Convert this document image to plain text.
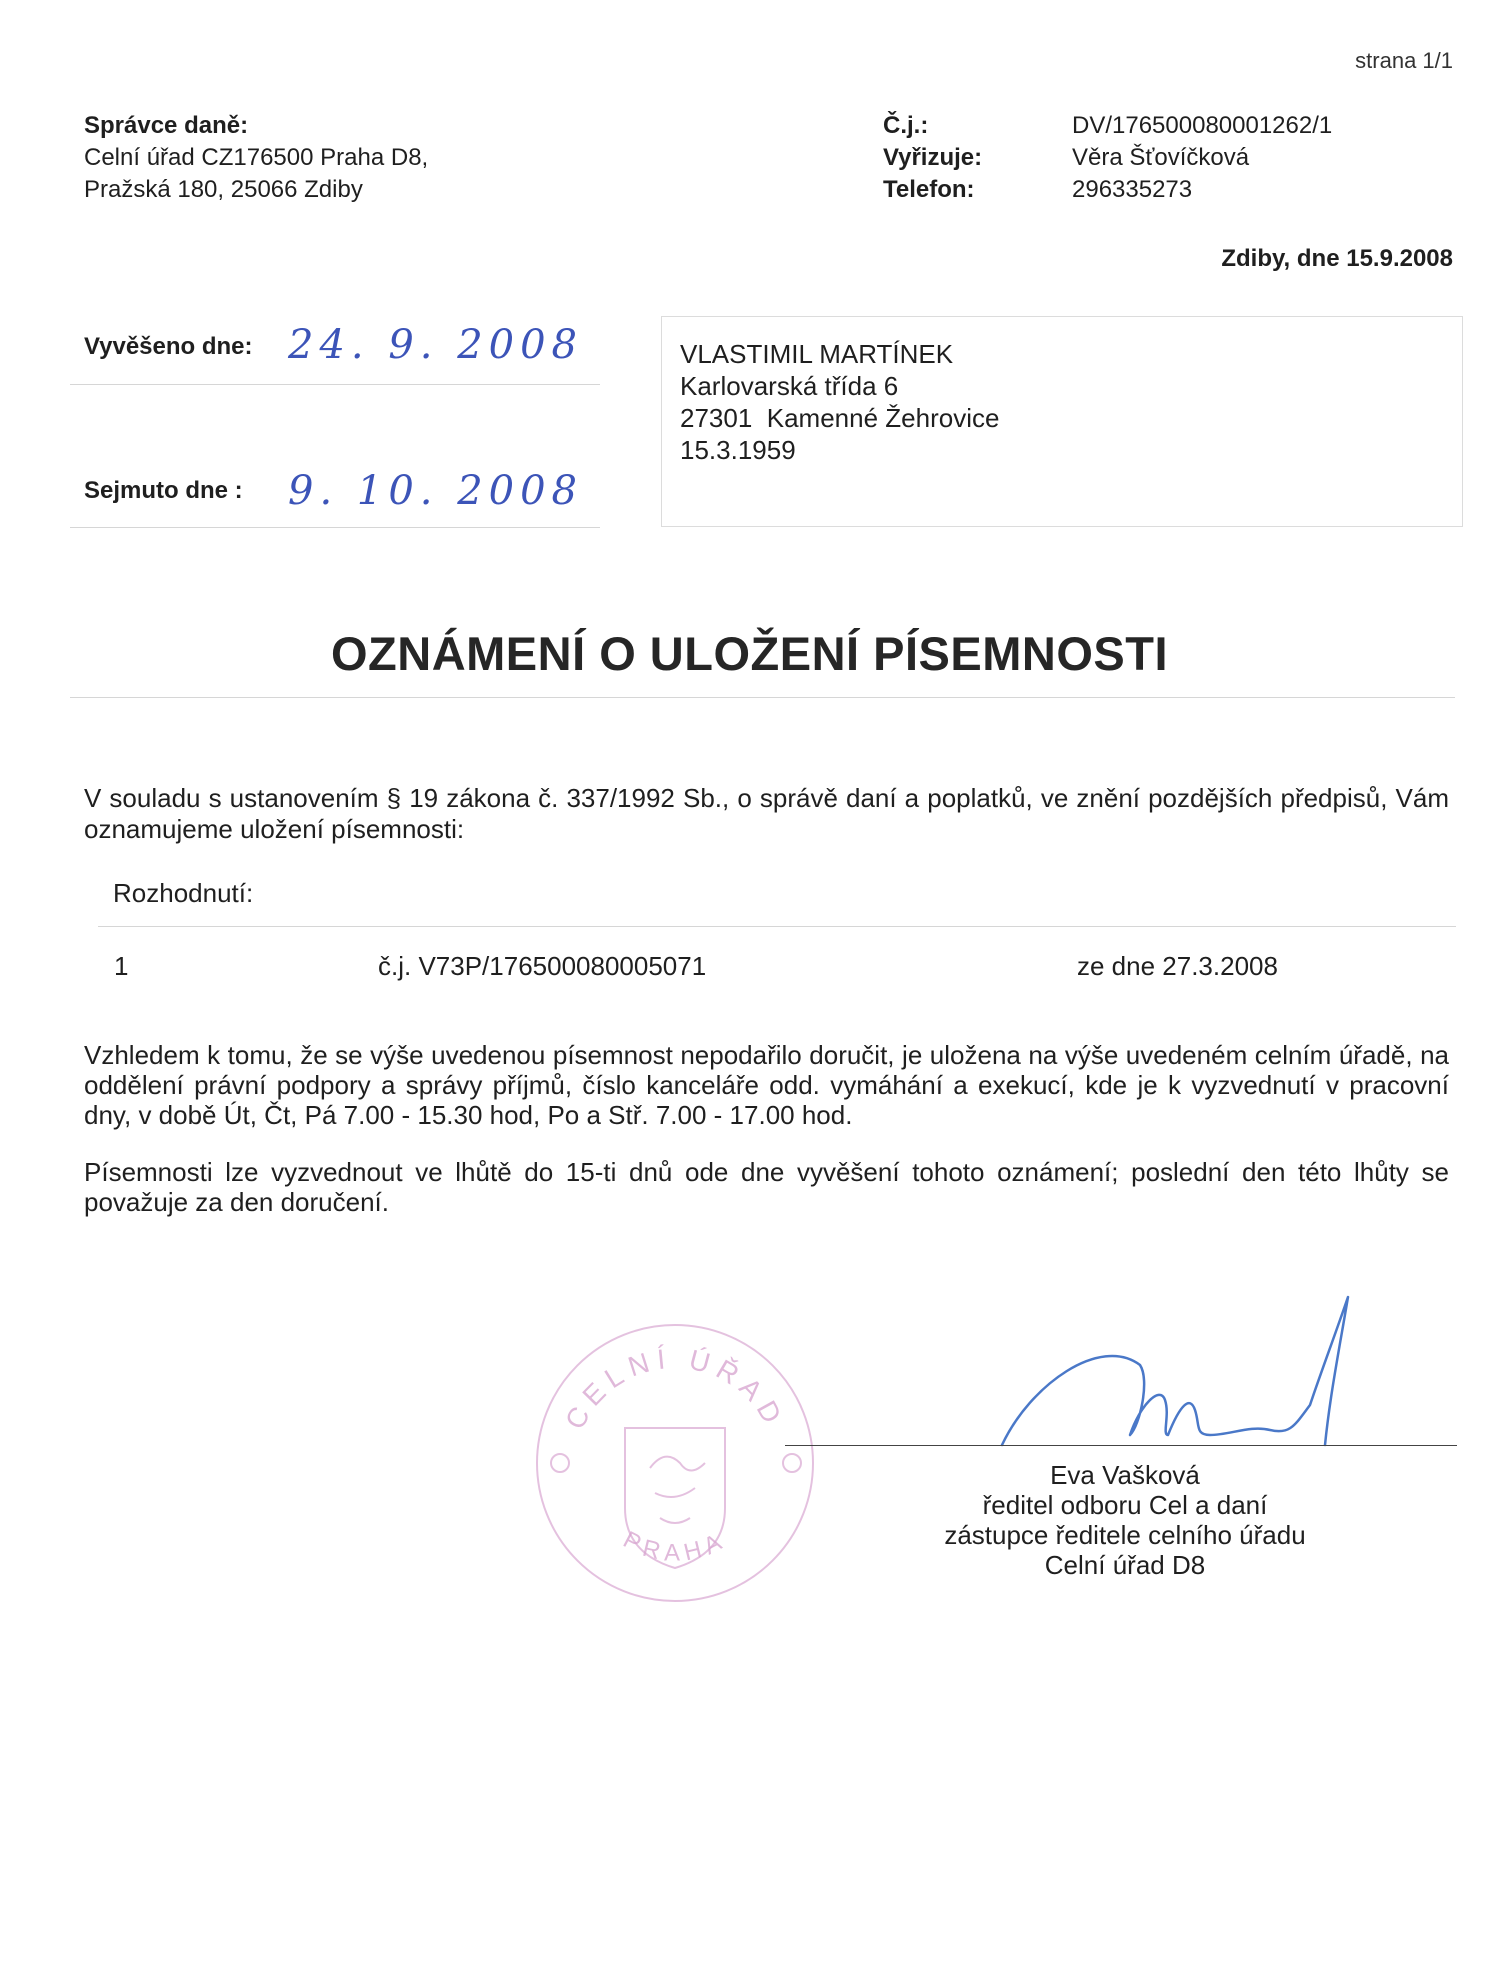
strana 1/1
Správce daně:
Celní úřad CZ176500 Praha D8,
Pražská 180, 25066 Zdiby
Č.j.:	DV/176500080001262/1
Vyřizuje:	Věra Šťovíčková
Telefon:	296335273
Zdiby, dne 15.9.2008
Vyvěšeno dne: 24. 9. 2008
Sejmuto dne : 9. 10. 2008
VLASTIMIL MARTÍNEK
Karlovarská třída 6
27301  Kamenné Žehrovice
15.3.1959
OZNÁMENÍ O ULOŽENÍ PÍSEMNOSTI
V souladu s ustanovením § 19 zákona č. 337/1992 Sb., o správě daní a poplatků, ve znění pozdějších předpisů, Vám oznamujeme uložení písemnosti:
Rozhodnutí:
1	č.j. V73P/176500080005071	ze dne 27.3.2008
Vzhledem k tomu, že se výše uvedenou písemnost nepodařilo doručit, je uložena na výše uvedeném celním úřadě, na oddělení právní podpory a správy příjmů, číslo kanceláře odd. vymáhání a exekucí, kde je k vyzvednutí v pracovní dny, v době Út, Čt, Pá 7.00 - 15.30 hod, Po a Stř. 7.00 - 17.00 hod.
Písemnosti lze vyzvednout ve lhůtě do 15-ti dnů ode dne vyvěšení tohoto oznámení; poslední den této lhůty se považuje za den doručení.
CELNÍ ÚŘAD
PRAHA
Eva Vašková
ředitel odboru Cel a daní
zástupce ředitele celního úřadu
Celní úřad D8
